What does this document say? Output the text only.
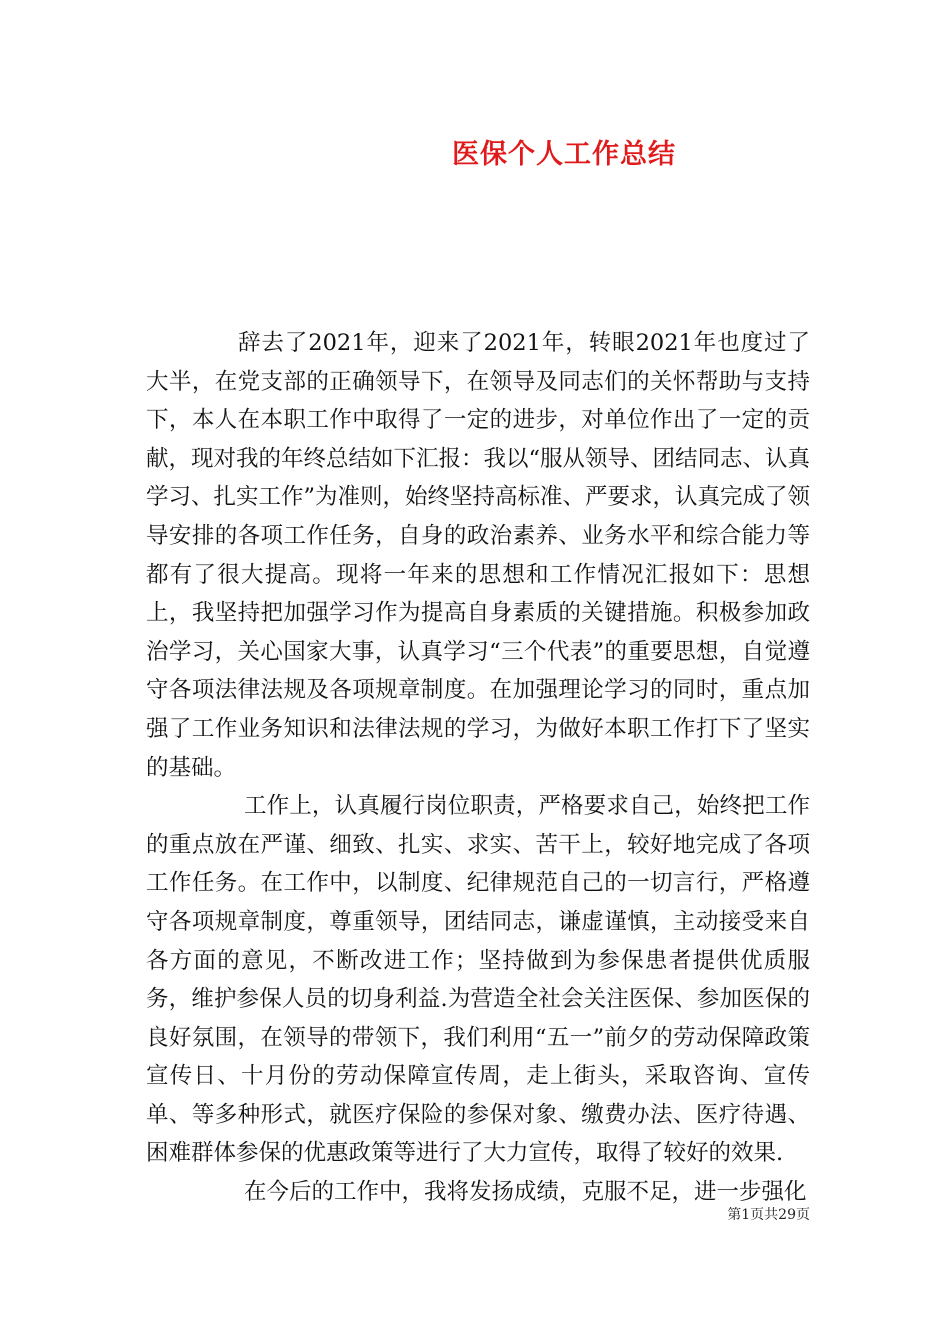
医保个人工作总结

辞去了2021年，迎来了2021年，转眼2021年也度过了大半，在党支部的正确领导下，在领导及同志们的关怀帮助与支持下，本人在本职工作中取得了一定的进步，对单位作出了一定的贡献，现对我的年终总结如下汇报：我以“服从领导、团结同志、认真学习、扎实工作”为准则，始终坚持高标准、严要求，认真完成了领导安排的各项工作任务，自身的政治素养、业务水平和综合能力等都有了很大提高。现将一年来的思想和工作情况汇报如下：思想上，我坚持把加强学习作为提高自身素质的关键措施。积极参加政治学习，关心国家大事，认真学习“三个代表”的重要思想，自觉遵守各项法律法规及各项规章制度。在加强理论学习的同时，重点加强了工作业务知识和法律法规的学习，为做好本职工作打下了坚实的基础。

工作上，认真履行岗位职责，严格要求自己，始终把工作的重点放在严谨、细致、扎实、求实、苦干上，较好地完成了各项工作任务。在工作中，以制度、纪律规范自己的一切言行，严格遵守各项规章制度，尊重领导，团结同志，谦虚谨慎，主动接受来自各方面的意见，不断改进工作；坚持做到为参保患者提供优质服务，维护参保人员的切身利益.为营造全社会关注医保、参加医保的良好氛围，在领导的带领下，我们利用“五一”前夕的劳动保障政策宣传日、十月份的劳动保障宣传周，走上街头，采取咨询、宣传单、等多种形式，就医疗保险的参保对象、缴费办法、医疗待遇、困难群体参保的优惠政策等进行了大力宣传，取得了较好的效果.

在今后的工作中，我将发扬成绩，克服不足，进一步强化

第1页共29页
